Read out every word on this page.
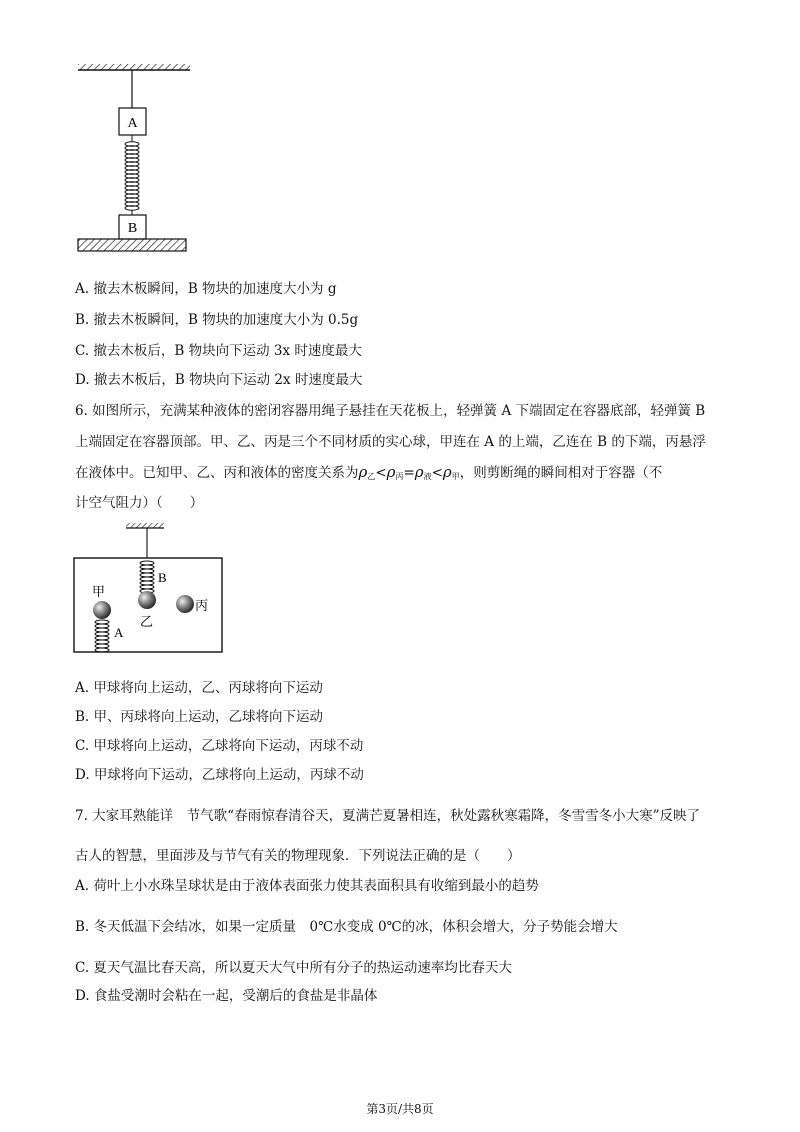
A
B
A. 撤去木板瞬间，B 物块的加速度大小为 g
B. 撤去木板瞬间，B 物块的加速度大小为 0.5g
C. 撤去木板后，B 物块向下运动 3x 时速度最大
D. 撤去木板后，B 物块向下运动 2x 时速度最大
6. 如图所示，充满某种液体的密闭容器用绳子悬挂在天花板上，轻弹簧 A 下端固定在容器底部，轻弹簧 B
上端固定在容器顶部。甲、乙、丙是三个不同材质的实心球，甲连在 A 的上端，乙连在 B 的下端，丙悬浮
在液体中。已知甲、乙、丙和液体的密度关系为$\rho_乙<\rho_丙=\rho_液<\rho_甲$，则剪断绳的瞬间相对于容器（不
计空气阻力）（　　）
B
甲
乙
丙
A
A. 甲球将向上运动，乙、丙球将向下运动
B. 甲、丙球将向上运动，乙球将向下运动
C. 甲球将向上运动，乙球将向下运动，丙球不动
D. 甲球将向下运动，乙球将向上运动，丙球不动
7. 大家耳熟能详　节气歌“春雨惊春清谷天，夏满芒夏暑相连，秋处露秋寒霜降，冬雪雪冬小大寒”反映了
古人的智慧，里面涉及与节气有关的物理现象．下列说法正确的是（　　）
A. 荷叶上小水珠呈球状是由于液体表面张力使其表面积具有收缩到最小的趋势
B. 冬天低温下会结冰，如果一定质量　0℃水变成 0℃的冰，体积会增大，分子势能会增大
C. 夏天气温比春天高，所以夏天大气中所有分子的热运动速率均比春天大
D. 食盐受潮时会粘在一起，受潮后的食盐是非晶体
第3页/共8页
